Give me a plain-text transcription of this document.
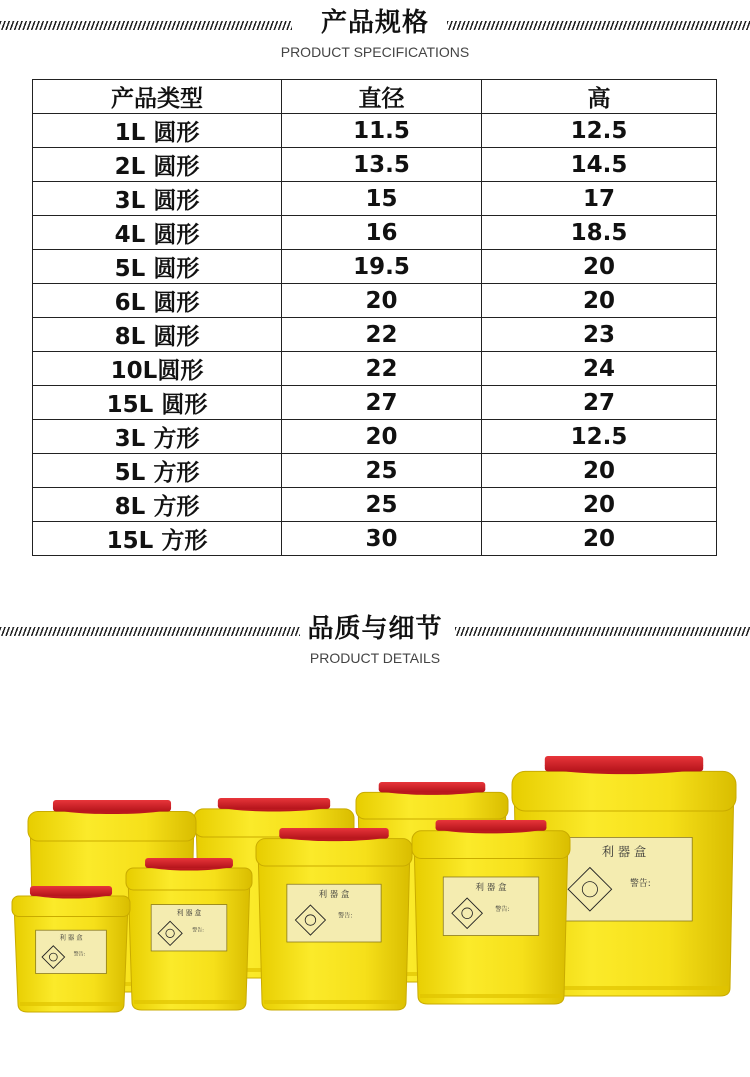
产品规格
PRODUCT SPECIFICATIONS
产品类型	直径	高
1L 圆形	11.5	12.5
2L 圆形	13.5	14.5
3L 圆形	15	17
4L 圆形	16	18.5
5L 圆形	19.5	20
6L 圆形	20	20
8L 圆形	22	23
10L圆形	22	24
15L 圆形	27	27
3L 方形	20	12.5
5L 方形	25	20
8L 方形	25	20
15L 方形	30	20
品质与细节
PRODUCT DETAILS
利 器 盒
警告:
利 器 盒
警告:
利 器 盒
警告:
利 器 盒
警告:
利 器 盒
警告:
